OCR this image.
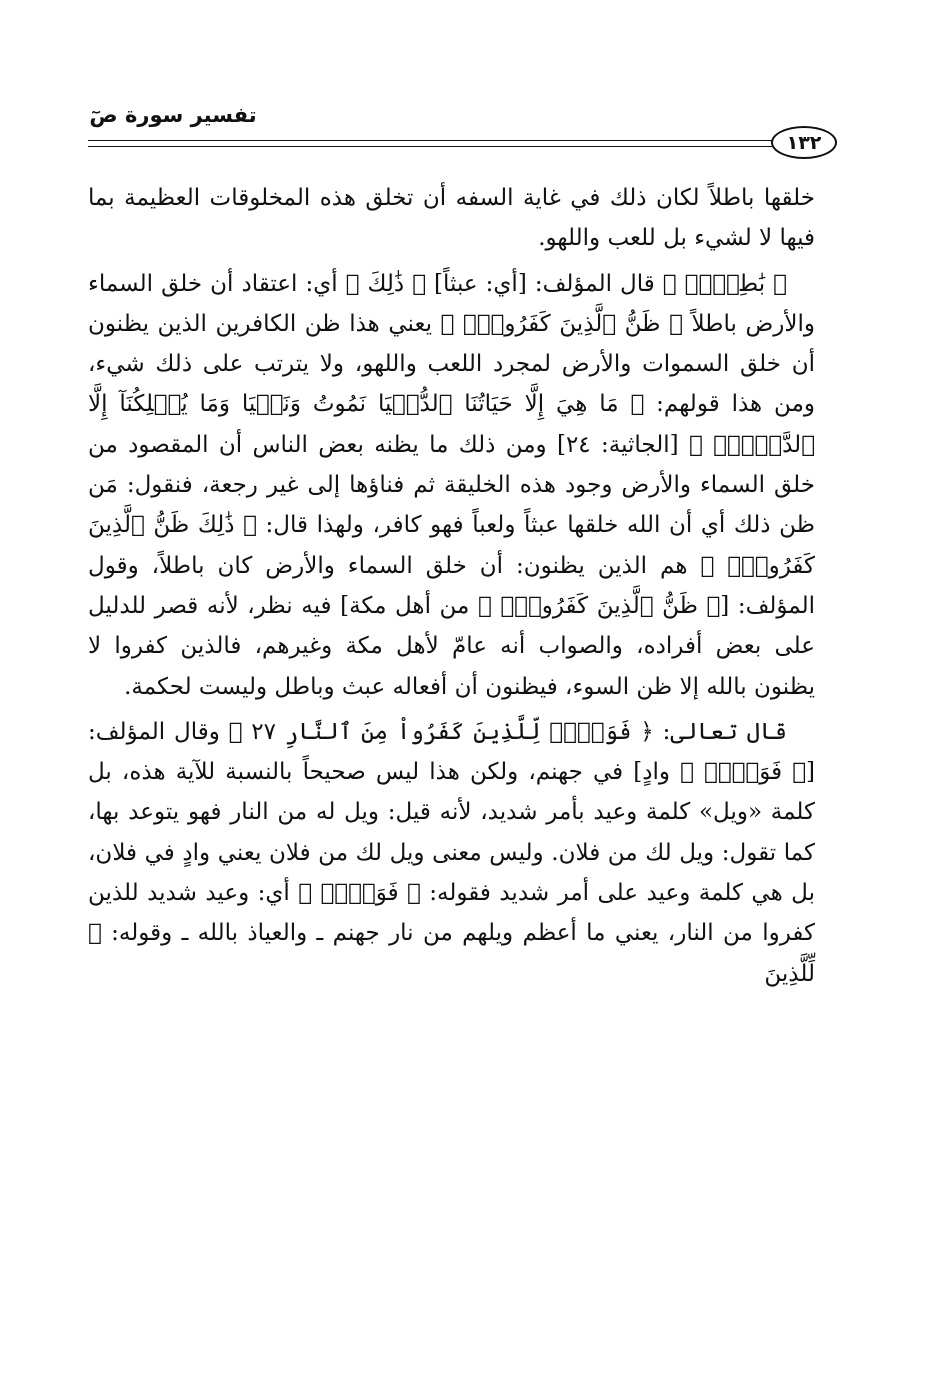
تفسير سورة صٓ
١٣٢

خلقها باطلاً لكان ذلك في غاية السفه أن تخلق هذه المخلوقات العظيمة بما فيها لا لشيء بل للعب واللهو.

﴿ بَٰطِلٗاۚ ﴾ قال المؤلف: [أي: عبثاً] ﴿ ذَٰلِكَ ﴾ أي: اعتقاد أن خلق السماء والأرض باطلاً ﴿ ظَنُّ ٱلَّذِينَ كَفَرُواْۚ ﴾ يعني هذا ظن الكافرين الذين يظنون أن خلق السموات والأرض لمجرد اللعب واللهو، ولا يترتب على ذلك شيء، ومن هذا قولهم: ﴿ مَا هِيَ إِلَّا حَيَاتُنَا ٱلدُّنۡيَا نَمُوتُ وَنَحۡيَا وَمَا يُهۡلِكُنَآ إِلَّا ٱلدَّهۡرُۚ ﴾ [الجاثية: ٢٤] ومن ذلك ما يظنه بعض الناس أن المقصود من خلق السماء والأرض وجود هذه الخليقة ثم فناؤها إلى غير رجعة، فنقول: مَن ظن ذلك أي أن الله خلقها عبثاً ولعباً فهو كافر، ولهذا قال: ﴿ ذَٰلِكَ ظَنُّ ٱلَّذِينَ كَفَرُواْۚ ﴾ هم الذين يظنون: أن خلق السماء والأرض كان باطلاً، وقول المؤلف: [﴿ ظَنُّ ٱلَّذِينَ كَفَرُواْۚ ﴾ من أهل مكة] فيه نظر، لأنه قصر للدليل على بعض أفراده، والصواب أنه عامّ لأهل مكة وغيرهم، فالذين كفروا لا يظنون بالله إلا ظن السوء، فيظنون أن أفعاله عبث وباطل وليست لحكمة.

قال تعالى: ﴿ فَوَيۡلٞ لِّلَّذِينَ كَفَرُواْ مِنَ ٱلنَّارِ ٢٧ ﴾ وقال المؤلف: [﴿ فَوَيۡلٞ ﴾ وادٍ] في جهنم، ولكن هذا ليس صحيحاً بالنسبة للآية هذه، بل كلمة «ويل» كلمة وعيد بأمر شديد، لأنه قيل: ويل له من النار فهو يتوعد بها، كما تقول: ويل لك من فلان. وليس معنى ويل لك من فلان يعني وادٍ في فلان، بل هي كلمة وعيد على أمر شديد فقوله: ﴿ فَوَيۡلٞ ﴾ أي: وعيد شديد للذين كفروا من النار، يعني ما أعظم ويلهم من نار جهنم ـ والعياذ بالله ـ وقوله: ﴿ لِّلَّذِينَ
